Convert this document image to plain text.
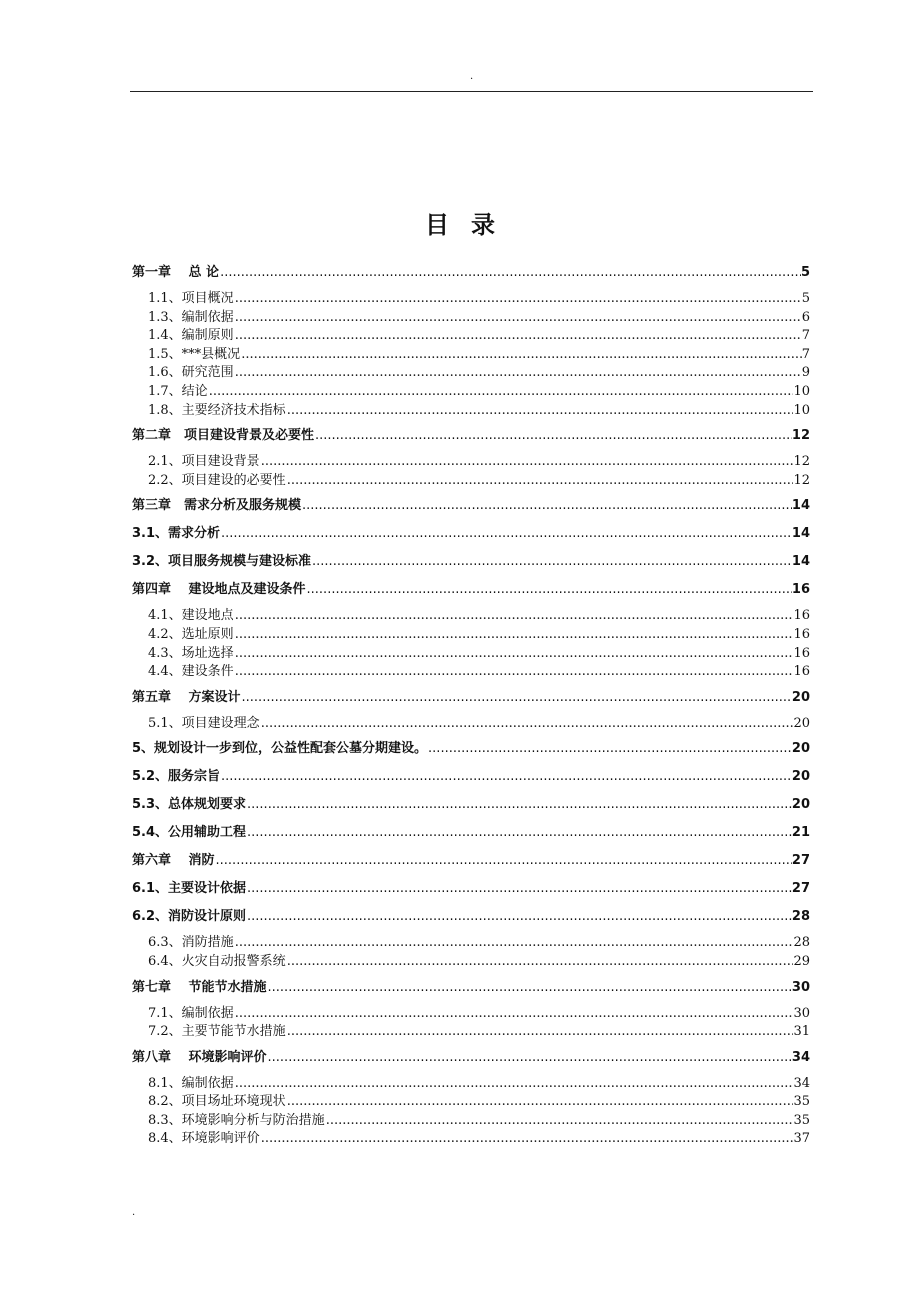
.
目录
第一章　 总 论 .....	5
1.1、项目概况 .....	5
1.3、编制依据 .....	6
1.4、编制原则 .....	7
1.5、***县概况 .....	7
1.6、研究范围 .....	9
1.7、结论 .....	10
1.8、主要经济技术指标 .....	10
第二章　项目建设背景及必要性 .....	12
2.1、项目建设背景 .....	12
2.2、项目建设的必要性 .....	12
第三章　需求分析及服务规模 .....	14
3.1、需求分析 .....	14
3.2、项目服务规模与建设标准 .....	14
第四章　 建设地点及建设条件 .....	16
4.1、建设地点 .....	16
4.2、选址原则 .....	16
4.3、场址选择 .....	16
4.4、建设条件 .....	16
第五章　 方案设计 .....	20
5.1、项目建设理念 .....	20
5、规划设计一步到位，公益性配套公墓分期建设。 .....	20
5.2、服务宗旨 .....	20
5.3、总体规划要求 .....	20
5.4、公用辅助工程 .....	21
第六章　 消防 .....	27
6.1、主要设计依据 .....	27
6.2、消防设计原则 .....	28
6.3、消防措施 .....	28
6.4、火灾自动报警系统 .....	29
第七章　 节能节水措施 .....	30
7.1、编制依据 .....	30
7.2、主要节能节水措施 .....	31
第八章　 环境影响评价 .....	34
8.1、编制依据 .....	34
8.2、项目场址环境现状 .....	35
8.3、环境影响分析与防治措施 .....	35
8.4、环境影响评价 .....	37
.
